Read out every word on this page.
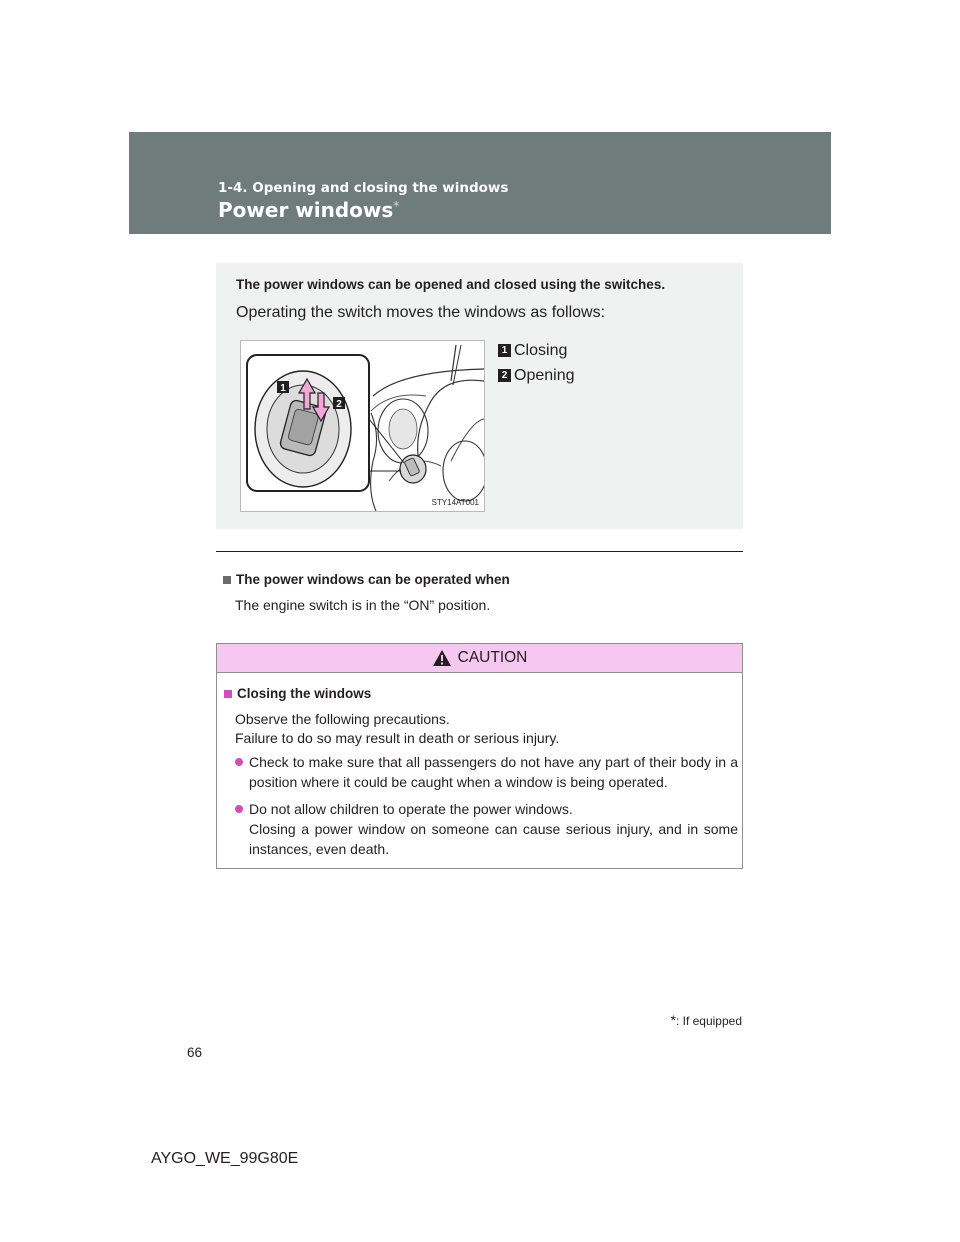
1-4. Opening and closing the windows
Power windows*
The power windows can be opened and closed using the switches.
Operating the switch moves the windows as follows:
1
2
STY14AT001
1 Closing
2 Opening
The power windows can be operated when
The engine switch is in the “ON” position.
CAUTION
Closing the windows
Observe the following precautions.
Failure to do so may result in death or serious injury.
Check to make sure that all passengers do not have any part of their body in a position where it could be caught when a window is being operated.
Do not allow children to operate the power windows.
Closing a power window on someone can cause serious injury, and in some instances, even death.
*: If equipped
66
AYGO_WE_99G80E
